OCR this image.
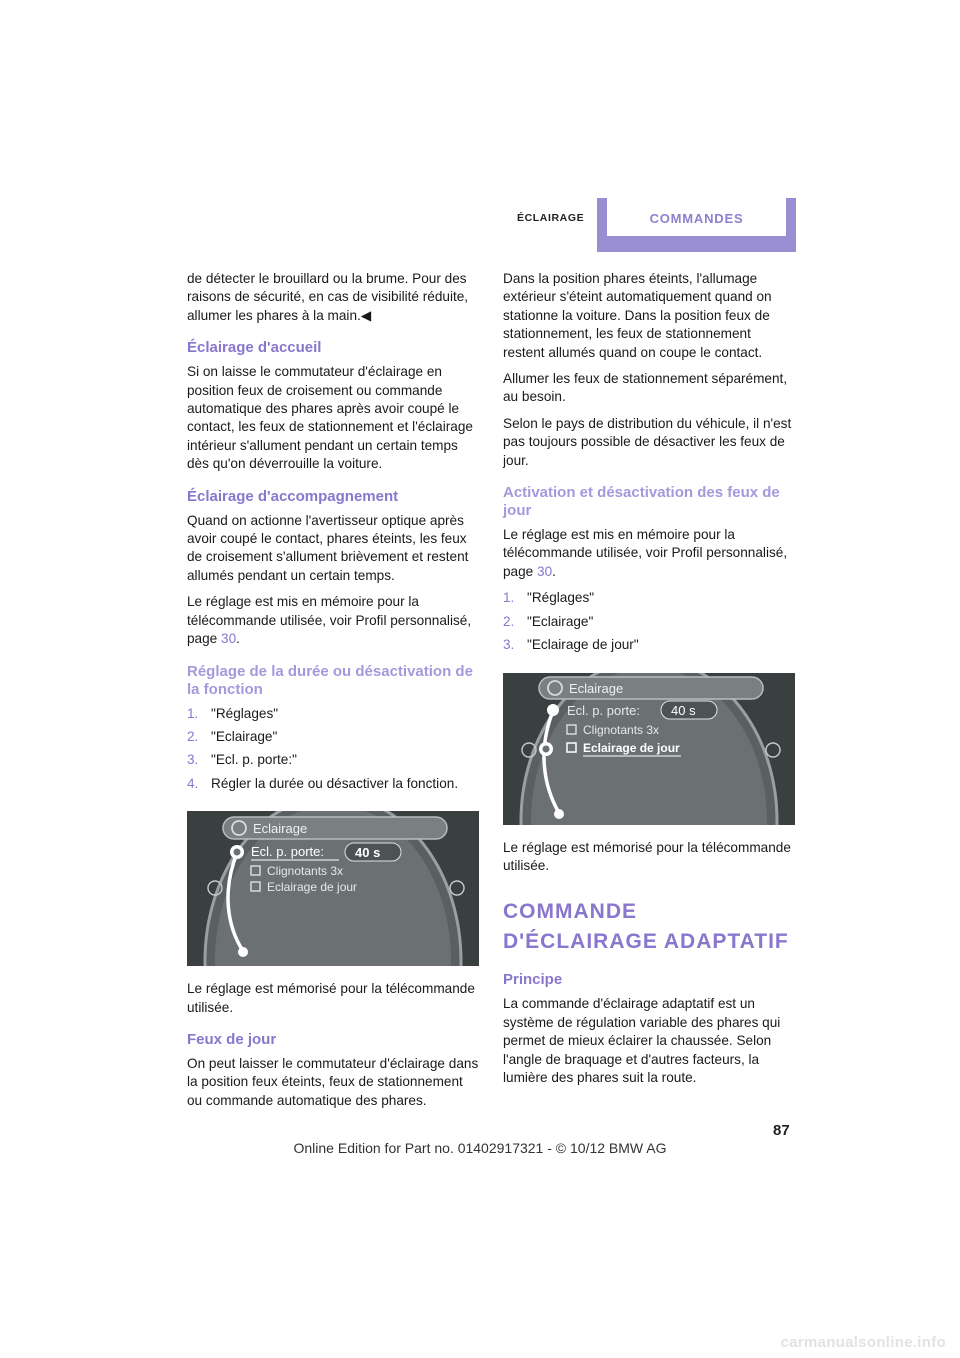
ÉCLAIRAGE	COMMANDES

de détecter le brouillard ou la brume. Pour des raisons de sécurité, en cas de visibilité réduite, allumer les phares à la main.◀

Éclairage d'accueil

Si on laisse le commutateur d'éclairage en position feux de croisement ou commande automatique des phares après avoir coupé le contact, les feux de stationnement et l'éclairage intérieur s'allument pendant un certain temps dès qu'on déverrouille la voiture.

Éclairage d'accompagnement

Quand on actionne l'avertisseur optique après avoir coupé le contact, phares éteints, les feux de croisement s'allument brièvement et restent allumés pendant un certain temps.

Le réglage est mis en mémoire pour la télécommande utilisée, voir Profil personnalisé, page 30.

Réglage de la durée ou désactivation de la fonction
1. "Réglages"
2. "Eclairage"
3. "Ecl. p. porte:"
4. Régler la durée ou désactiver la fonction.
Eclairage
Ecl. p. porte: 40 s
Clignotants 3x
Eclairage de jour

Le réglage est mémorisé pour la télécommande utilisée.

Feux de jour

On peut laisser le commutateur d'éclairage dans la position feux éteints, feux de stationnement ou commande automatique des phares.

Dans la position phares éteints, l'allumage extérieur s'éteint automatiquement quand on stationne la voiture. Dans la position feux de stationnement, les feux de stationnement restent allumés quand on coupe le contact.

Allumer les feux de stationnement séparément, au besoin.

Selon le pays de distribution du véhicule, il n'est pas toujours possible de désactiver les feux de jour.

Activation et désactivation des feux de jour

Le réglage est mis en mémoire pour la télécommande utilisée, voir Profil personnalisé, page 30.

1. "Réglages"
2. "Eclairage"
3. "Eclairage de jour"
Eclairage
Ecl. p. porte: 40 s
Clignotants 3x
Eclairage de jour

Le réglage est mémorisé pour la télécommande utilisée.

COMMANDE D'ÉCLAIRAGE ADAPTATIF
Principe

La commande d'éclairage adaptatif est un système de régulation variable des phares qui permet de mieux éclairer la chaussée. Selon l'angle de braquage et d'autres facteurs, la lumière des phares suit la route.

87
Online Edition for Part no. 01402917321 - © 10/12 BMW AG
carmanualsonline.info
